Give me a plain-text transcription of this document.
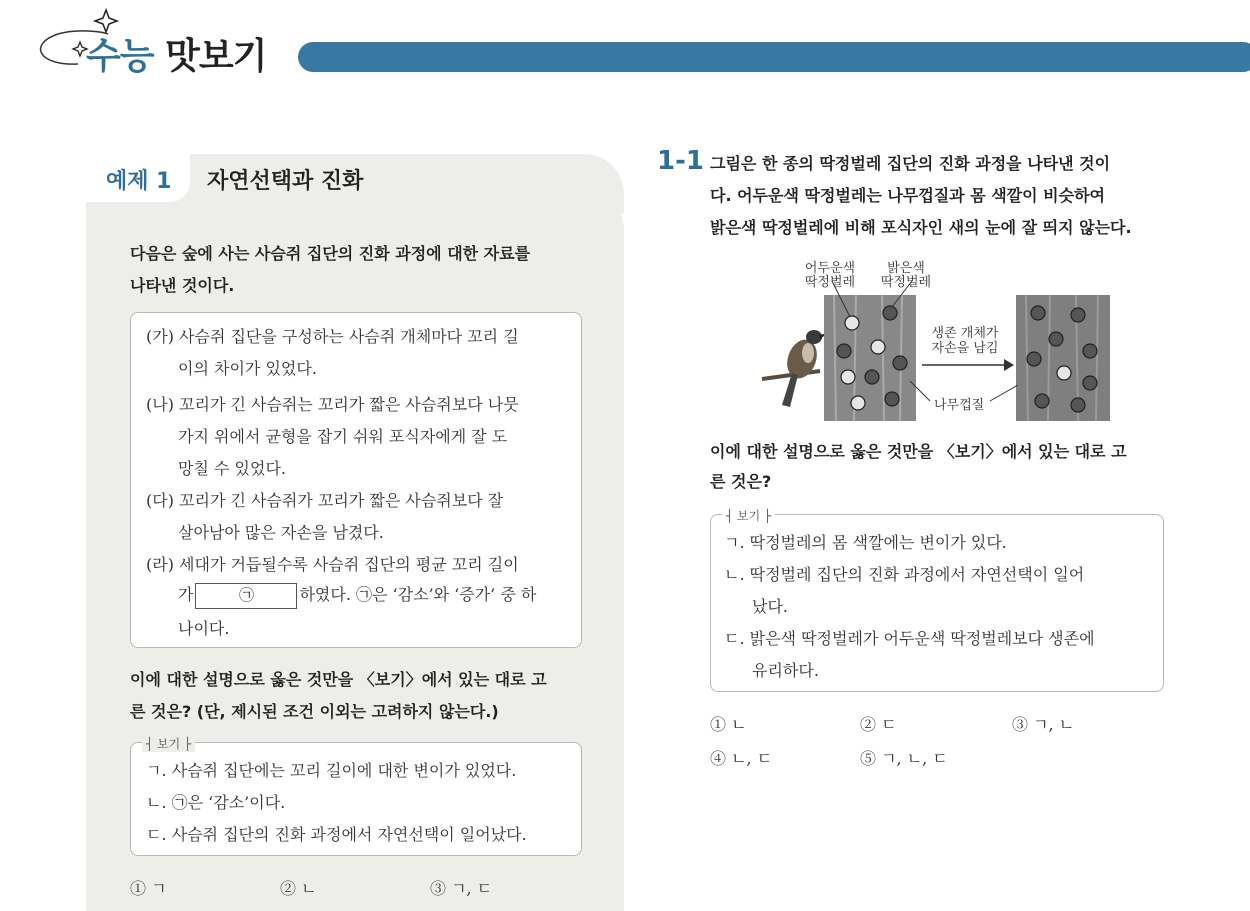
수능 맛보기
예제 1 자연선택과 진화
다음은 숲에 사는 사슴쥐 집단의 진화 과정에 대한 자료를
나타낸 것이다.
(가) 사슴쥐 집단을 구성하는 사슴쥐 개체마다 꼬리 길
이의 차이가 있었다.
(나) 꼬리가 긴 사슴쥐는 꼬리가 짧은 사슴쥐보다 나뭇
가지 위에서 균형을 잡기 쉬워 포식자에게 잘 도
망칠 수 있었다.
(다) 꼬리가 긴 사슴쥐가 꼬리가 짧은 사슴쥐보다 잘
살아남아 많은 자손을 남겼다.
(라) 세대가 거듭될수록 사슴쥐 집단의 평균 꼬리 길이
가	㉠	하였다. ㉠은 ‘감소’와 ‘증가’ 중 하
나이다.
이에 대한 설명으로 옳은 것만을 〈보기〉에서 있는 대로 고
른 것은? (단, 제시된 조건 이외는 고려하지 않는다.)
┤ 보기 ├
ㄱ. 사슴쥐 집단에는 꼬리 길이에 대한 변이가 있었다.
ㄴ. ㉠은 ‘감소’이다.
ㄷ. 사슴쥐 집단의 진화 과정에서 자연선택이 일어났다.
① ㄱ	② ㄴ	③ ㄱ, ㄷ
1-1 그림은 한 종의 딱정벌레 집단의 진화 과정을 나타낸 것이
다. 어두운색 딱정벌레는 나무껍질과 몸 색깔이 비슷하여
밝은색 딱정벌레에 비해 포식자인 새의 눈에 잘 띄지 않는다.
어두운색
딱정벌레
밝은색
딱정벌레
생존 개체가
자손을 남김
나무껍질
이에 대한 설명으로 옳은 것만을 〈보기〉에서 있는 대로 고
른 것은?
┤ 보기 ├
ㄱ. 딱정벌레의 몸 색깔에는 변이가 있다.
ㄴ. 딱정벌레 집단의 진화 과정에서 자연선택이 일어
났다.
ㄷ. 밝은색 딱정벌레가 어두운색 딱정벌레보다 생존에
유리하다.
① ㄴ	② ㄷ	③ ㄱ, ㄴ
④ ㄴ, ㄷ	⑤ ㄱ, ㄴ, ㄷ
